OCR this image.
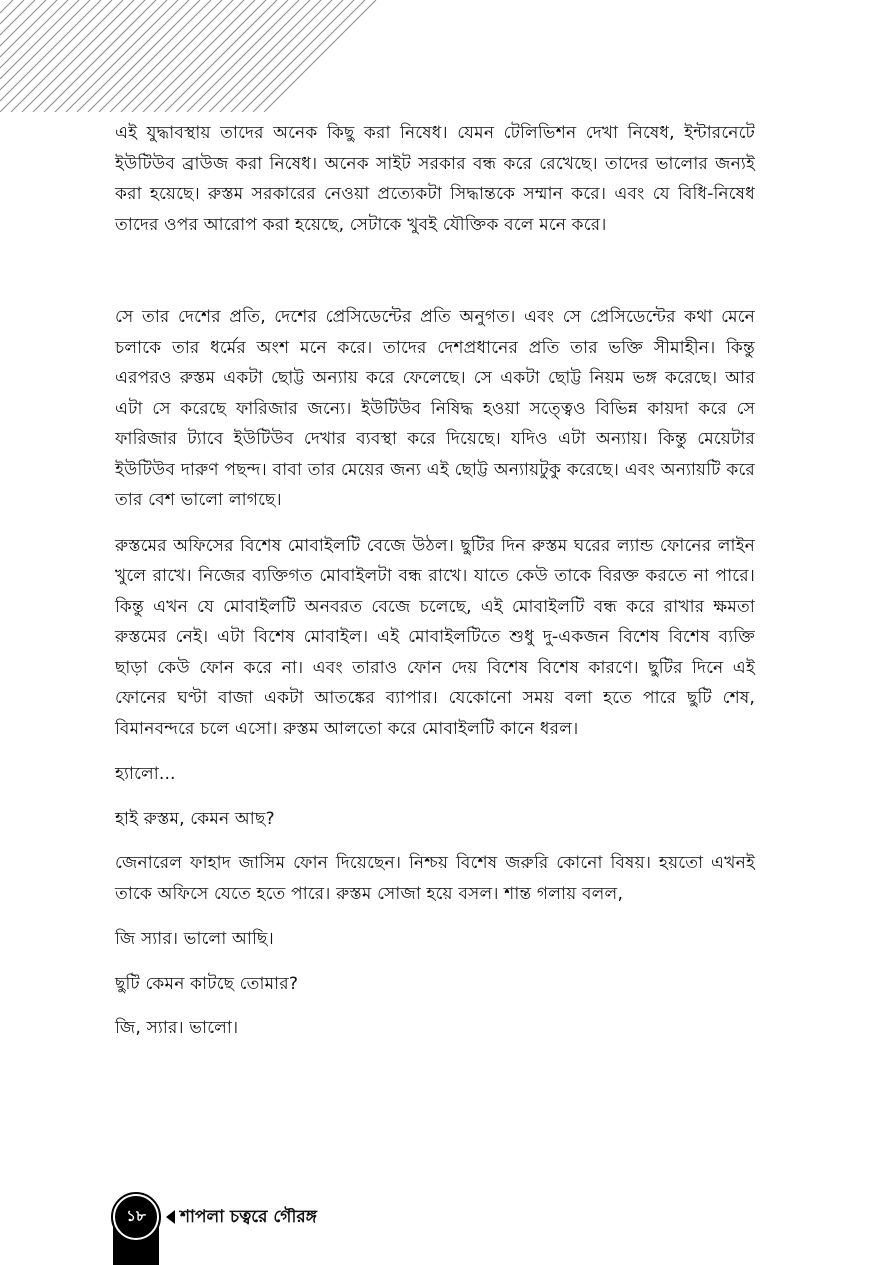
এই যুদ্ধাবস্থায় তাদের অনেক কিছু করা নিষেধ। যেমন টেলিভিশন দেখা নিষেধ, ইন্টারনেটে ইউটিউব ব্রাউজ করা নিষেধ। অনেক সাইট সরকার বন্ধ করে রেখেছে। তাদের ভালোর জন্যই করা হয়েছে। রুস্তম সরকারের নেওয়া প্রত্যেকটা সিদ্ধান্তকে সম্মান করে। এবং যে বিধি-নিষেধ তাদের ওপর আরোপ করা হয়েছে, সেটাকে খুবই যৌক্তিক বলে মনে করে।

সে তার দেশের প্রতি, দেশের প্রেসিডেন্টের প্রতি অনুগত। এবং সে প্রেসিডেন্টের কথা মেনে চলাকে তার ধর্মের অংশ মনে করে। তাদের দেশপ্রধানের প্রতি তার ভক্তি সীমাহীন। কিন্তু এরপরও রুস্তম একটা ছোট্ট অন্যায় করে ফেলেছে। সে একটা ছোট্ট নিয়ম ভঙ্গ করেছে। আর এটা সে করেছে ফারিজার জন্যে। ইউটিউব নিষিদ্ধ হওয়া সত্ত্বেও বিভিন্ন কায়দা করে সে ফারিজার ট্যাবে ইউটিউব দেখার ব্যবস্থা করে দিয়েছে। যদিও এটা অন্যায়। কিন্তু মেয়েটার ইউটিউব দারুণ পছন্দ। বাবা তার মেয়ের জন্য এই ছোট্ট অন্যায়টুকু করেছে। এবং অন্যায়টি করে তার বেশ ভালো লাগছে।

রুস্তমের অফিসের বিশেষ মোবাইলটি বেজে উঠল। ছুটির দিন রুস্তম ঘরের ল্যান্ড ফোনের লাইন খুলে রাখে। নিজের ব্যক্তিগত মোবাইলটা বন্ধ রাখে। যাতে কেউ তাকে বিরক্ত করতে না পারে। কিন্তু এখন যে মোবাইলটি অনবরত বেজে চলেছে, এই মোবাইলটি বন্ধ করে রাখার ক্ষমতা রুস্তমের নেই। এটা বিশেষ মোবাইল। এই মোবাইলটিতে শুধু দু-একজন বিশেষ বিশেষ ব্যক্তি ছাড়া কেউ ফোন করে না। এবং তারাও ফোন দেয় বিশেষ বিশেষ কারণে। ছুটির দিনে এই ফোনের ঘণ্টা বাজা একটা আতঙ্কের ব্যাপার। যেকোনো সময় বলা হতে পারে ছুটি শেষ, বিমানবন্দরে চলে এসো। রুস্তম আলতো করে মোবাইলটি কানে ধরল।

হ্যালো...

হাই রুস্তম, কেমন আছ?

জেনারেল ফাহাদ জাসিম ফোন দিয়েছেন। নিশ্চয় বিশেষ জরুরি কোনো বিষয়। হয়তো এখনই তাকে অফিসে যেতে হতে পারে। রুস্তম সোজা হয়ে বসল। শান্ত গলায় বলল,

জি স্যার। ভালো আছি।

ছুটি কেমন কাটছে তোমার?

জি, স্যার। ভালো।

১৮	শাপলা চত্বরে গৌরঙ্গ
